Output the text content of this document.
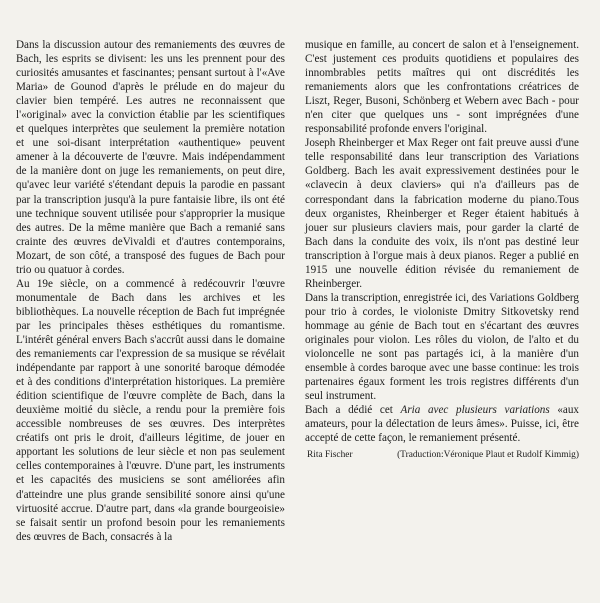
Dans la discussion autour des remaniements des œuvres de Bach, les esprits se divisent: les uns les prennent pour des curiosités amusantes et fascinantes; pensant surtout à l'«Ave Maria» de Gounod d'après le prélude en do majeur du clavier bien tempéré. Les autres ne reconnaissent que l'«original» avec la conviction établie par les scientifiques et quelques interprètes que seulement la première notation et une soi-disant interprétation «authentique» peuvent amener à la découverte de l'œuvre. Mais indépendamment de la manière dont on juge les remaniements, on peut dire, qu'avec leur variété s'étendant depuis la parodie en passant par la transcription jusqu'à la pure fantaisie libre, ils ont été une technique souvent utilisée pour s'approprier la musique des autres. De la même manière que Bach a remanié sans crainte des œuvres deVivaldi et d'autres contemporains, Mozart, de son côté, a transposé des fugues de Bach pour trio ou quatuor à cordes.

Au 19e siècle, on a commencé à redécouvrir l'œuvre monumentale de Bach dans les archives et les bibliothèques. La nouvelle réception de Bach fut imprégnée par les principales thèses esthétiques du romantisme. L'intérêt général envers Bach s'accrût aussi dans le domaine des remaniements car l'expression de sa musique se révélait indépendante par rapport à une sonorité baroque démodée et à des conditions d'interprétation historiques. La première édition scientifique de l'œuvre complète de Bach, dans la deuxième moitié du siècle, a rendu pour la première fois accessible nombreuses de ses œuvres. Des interprètes créatifs ont pris le droit, d'ailleurs légitime, de jouer en apportant les solutions de leur siècle et non pas seulement celles contemporaines à l'œuvre. D'une part, les instruments et les capacités des musiciens se sont améliorées afin d'atteindre une plus grande sensibilité sonore ainsi qu'une virtuosité accrue. D'autre part, dans «la grande bourgeoisie» se faisait sentir un profond besoin pour les remaniements des œuvres de Bach, consacrés à la

musique en famille, au concert de salon et à l'enseignement. C'est justement ces produits quotidiens et populaires des innombrables petits maîtres qui ont discrédités les remaniements alors que les confrontations créatrices de Liszt, Reger, Busoni, Schönberg et Webern avec Bach - pour n'en citer que quelques uns - sont imprégnées d'une responsabilité profonde envers l'original.

Joseph Rheinberger et Max Reger ont fait preuve aussi d'une telle responsabilité dans leur transcription des Variations Goldberg. Bach les avait expressivement destinées pour le «clavecin à deux claviers» qui n'a d'ailleurs pas de correspondant dans la fabrication moderne du piano.Tous deux organistes, Rheinberger et Reger étaient habitués à jouer sur plusieurs claviers mais, pour garder la clarté de Bach dans la conduite des voix, ils n'ont pas destiné leur transcription à l'orgue mais à deux pianos. Reger a publié en 1915 une nouvelle édition révisée du remaniement de Rheinberger.

Dans la transcription, enregistrée ici, des Variations Goldberg pour trio à cordes, le violoniste Dmitry Sitkovetsky rend hommage au génie de Bach tout en s'écartant des œuvres originales pour violon. Les rôles du violon, de l'alto et du violoncelle ne sont pas partagés ici, à la manière d'un ensemble à cordes baroque avec une basse continue: les trois partenaires égaux forment les trois registres différents d'un seul instrument.

Bach a dédié cet Aria avec plusieurs variations «aux amateurs, pour la délectation de leurs âmes». Puisse, ici, être accepté de cette façon, le remaniement présenté.

Rita Fischer	(Traduction:Véronique Plaut et Rudolf Kimmig)
